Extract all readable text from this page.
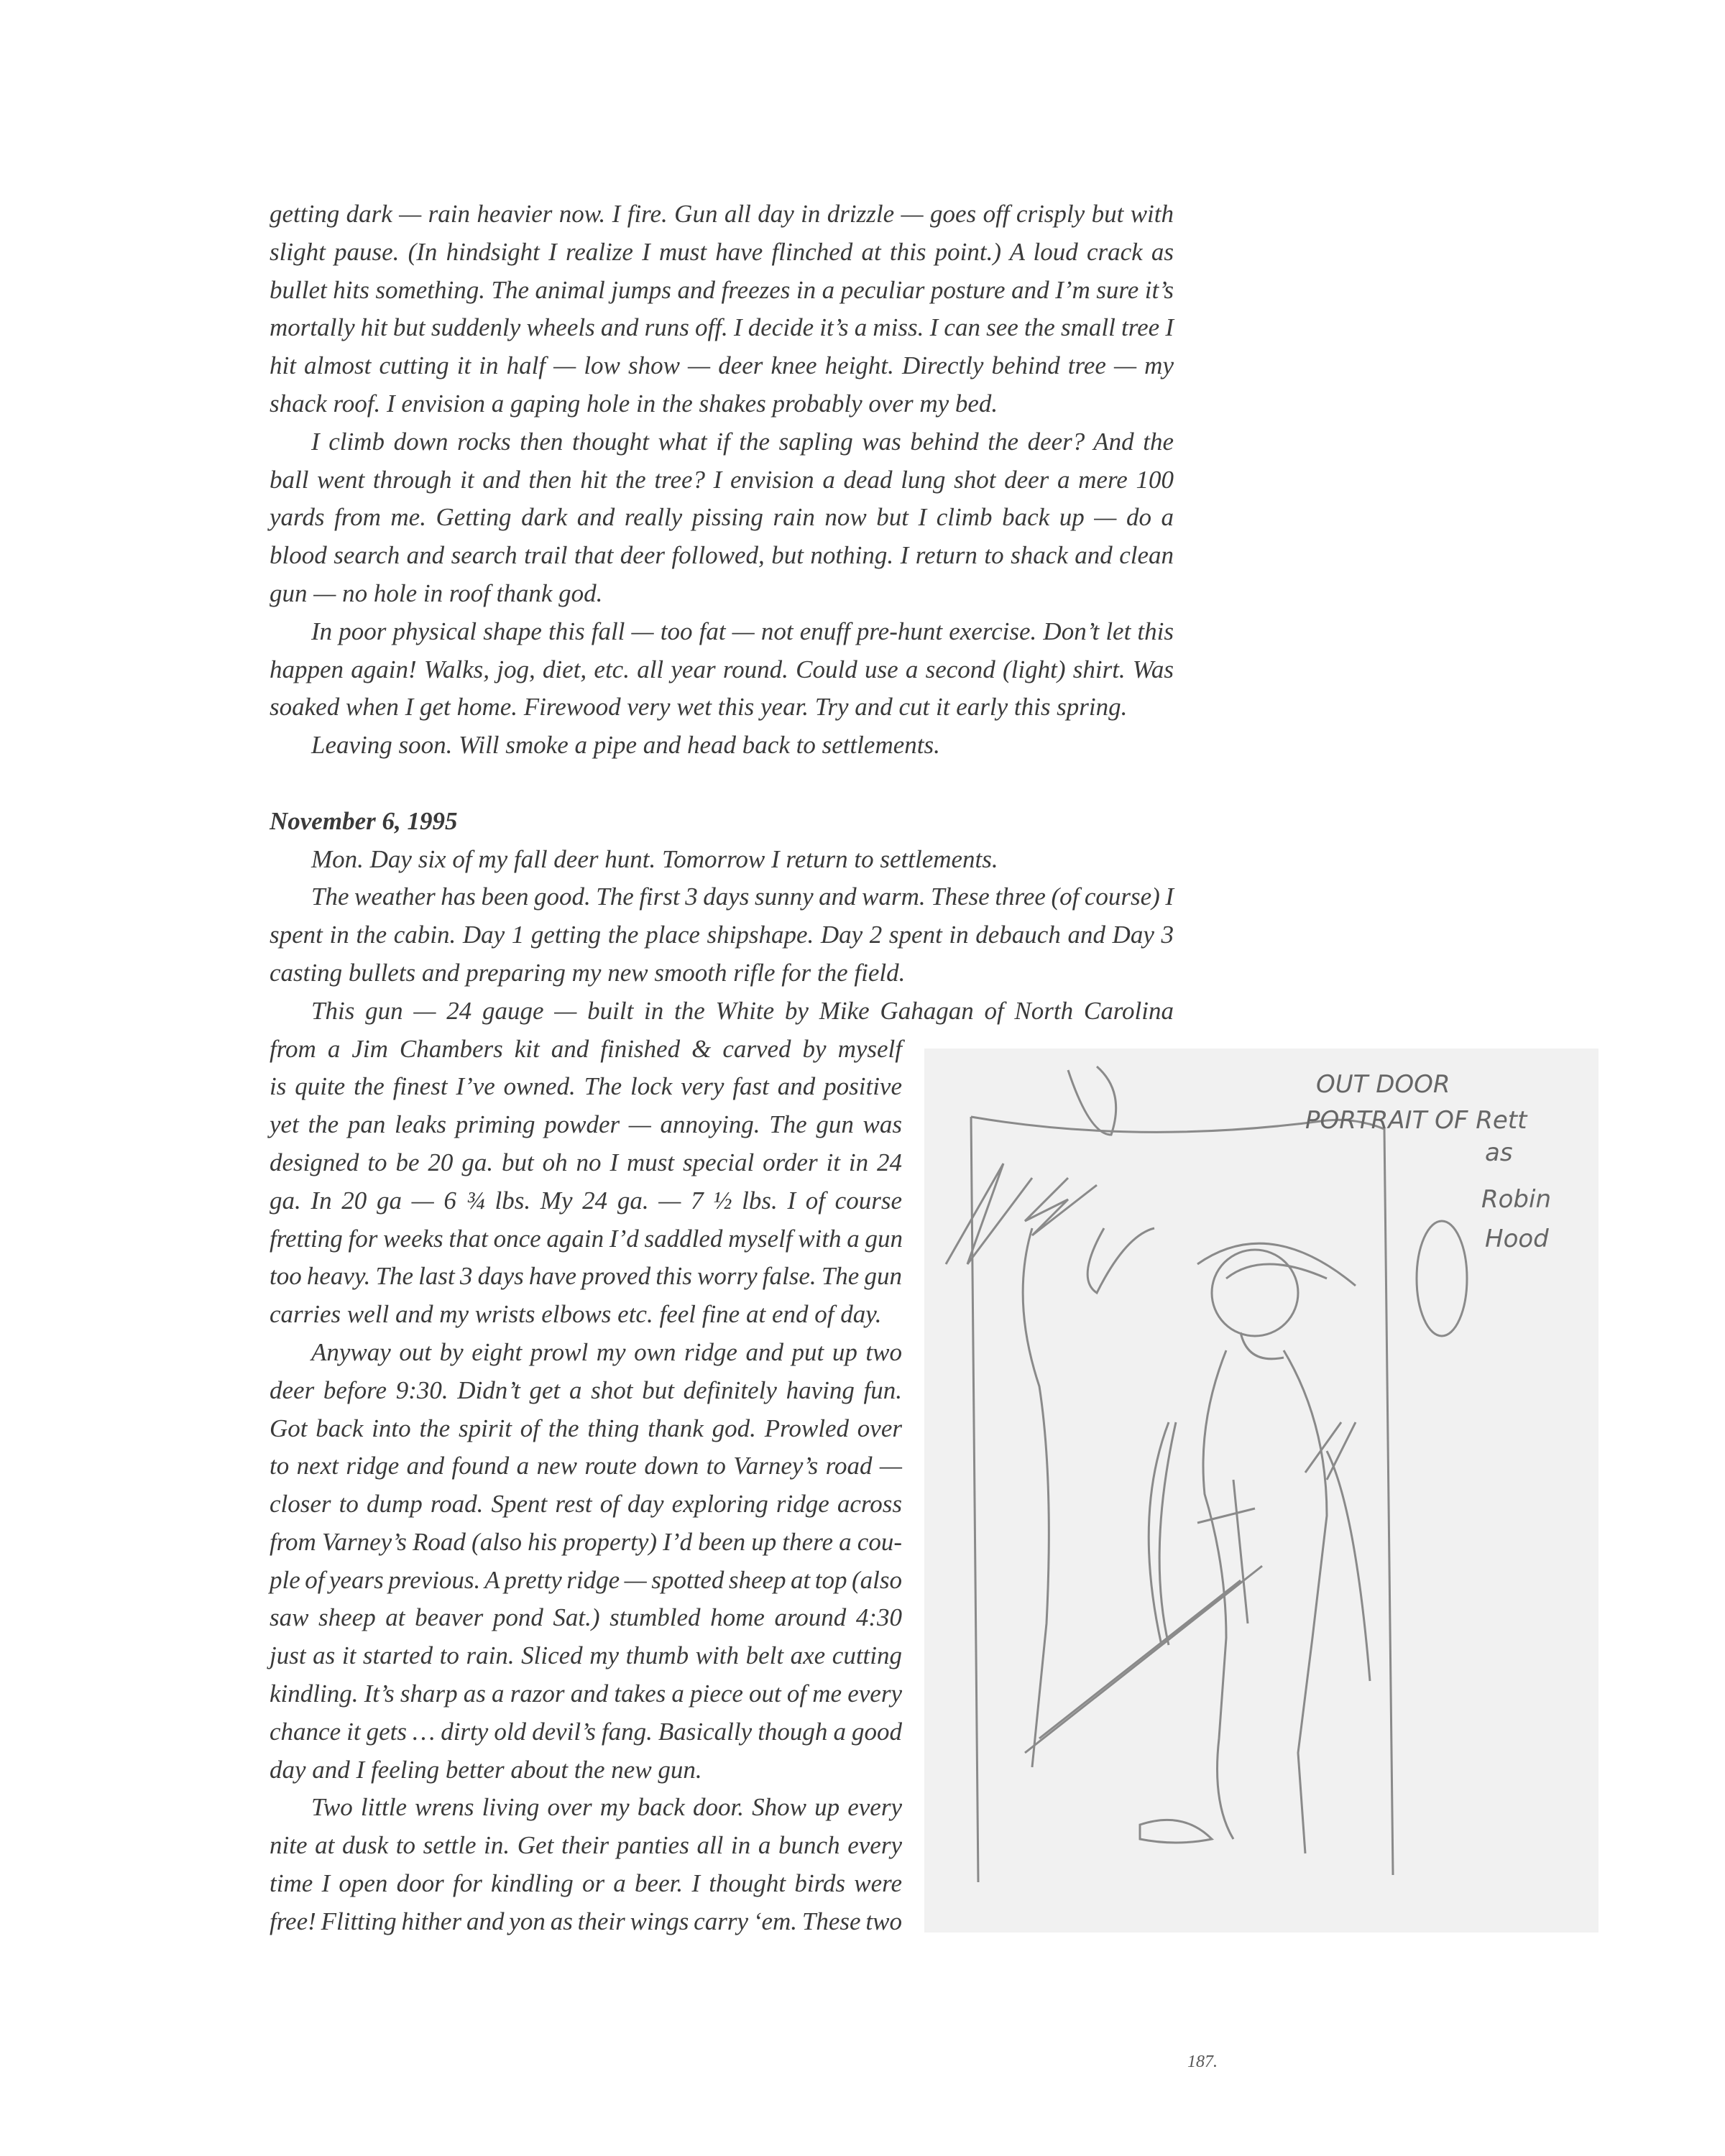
getting dark — rain heavier now. I fire. Gun all day in drizzle — goes off crisply but with
slight pause. (In hindsight I realize I must have flinched at this point.) A loud crack as
bullet hits something. The animal jumps and freezes in a peculiar posture and I’m sure it’s
mortally hit but suddenly wheels and runs off. I decide it’s a miss. I can see the small tree I
hit almost cutting it in half — low show — deer knee height. Directly behind tree — my
shack roof. I envision a gaping hole in the shakes probably over my bed.
I climb down rocks then thought what if the sapling was behind the deer? And the
ball went through it and then hit the tree? I envision a dead lung shot deer a mere 100
yards from me. Getting dark and really pissing rain now but I climb back up — do a
blood search and search trail that deer followed, but nothing. I return to shack and clean
gun — no hole in roof thank god.
In poor physical shape this fall — too fat — not enuff pre-hunt exercise. Don’t let this
happen again! Walks, jog, diet, etc. all year round. Could use a second (light) shirt. Was
soaked when I get home. Firewood very wet this year. Try and cut it early this spring.
Leaving soon. Will smoke a pipe and head back to settlements.
November 6, 1995
Mon. Day six of my fall deer hunt. Tomorrow I return to settlements.
The weather has been good. The first 3 days sunny and warm. These three (of course) I
spent in the cabin. Day 1 getting the place shipshape. Day 2 spent in debauch and Day 3
casting bullets and preparing my new smooth rifle for the field.
This gun — 24 gauge — built in the White by Mike Gahagan of North Carolina
from a Jim Chambers kit and finished & carved by myself
is quite the finest I’ve owned. The lock very fast and positive
yet the pan leaks priming powder — annoying. The gun was
designed to be 20 ga. but oh no I must special order it in 24
ga. In 20 ga — 6 ¾ lbs. My 24 ga. — 7 ½ lbs. I of course
fretting for weeks that once again I’d saddled myself with a gun
too heavy. The last 3 days have proved this worry false. The gun
carries well and my wrists elbows etc. feel fine at end of day.
Anyway out by eight prowl my own ridge and put up two
deer before 9:30. Didn’t get a shot but definitely having fun.
Got back into the spirit of the thing thank god. Prowled over
to next ridge and found a new route down to Varney’s road —
closer to dump road. Spent rest of day exploring ridge across
from Varney’s Road (also his property) I’d been up there a cou-
ple of years previous. A pretty ridge — spotted sheep at top (also
saw sheep at beaver pond Sat.) stumbled home around 4:30
just as it started to rain. Sliced my thumb with belt axe cutting
kindling. It’s sharp as a razor and takes a piece out of me every
chance it gets … dirty old devil’s fang. Basically though a good
day and I feeling better about the new gun.
Two little wrens living over my back door. Show up every
nite at dusk to settle in. Get their panties all in a bunch every
time I open door for kindling or a beer. I thought birds were
free! Flitting hither and yon as their wings carry ‘em. These two
OUT DOOR
PORTRAIT OF Rett
as
Robin
Hood
187.
